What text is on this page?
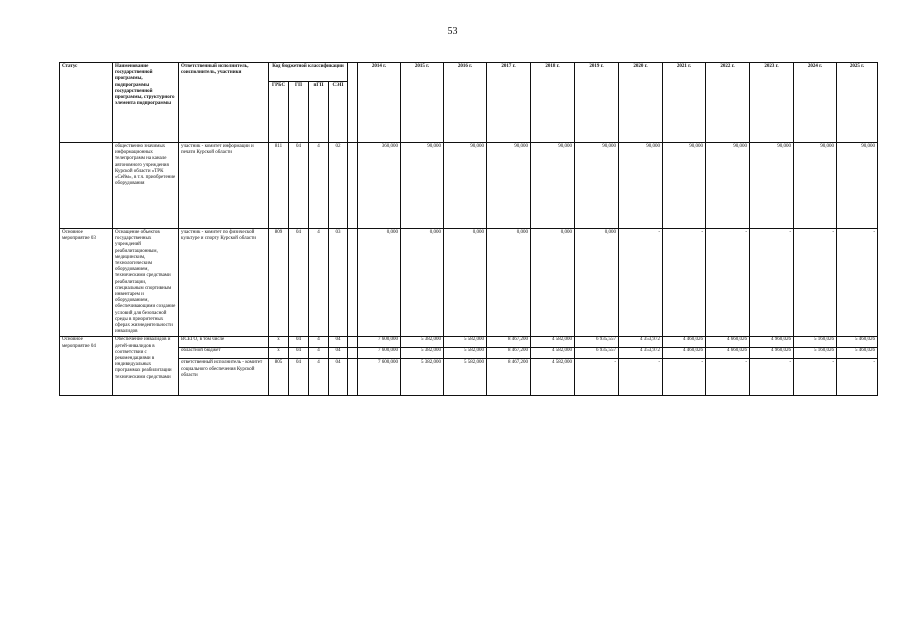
53
Статус	Наименование государственной программы, подпрограммы государственной программы, структурного элемента подпрограммы	Ответственный исполнитель, соисполнитель, участники	Код бюджетной классификации					2014 г.	2015 г.	2016 г.	2017 г.	2018 г.	2019 г.	2020 г.	2021 г.	2022 г.	2023 г.	2024 г.	2025 г.
			ГРБС	ГП	пГП	СЭП													
	общественно значимых информационных телепрограмм на канале автономного учреждения Курской области «ТРК «Сейм», в т.ч. приобретение оборудования	участник - комитет информации и печати Курской области	811	04	4	02		360,000	90,000	90,000	90,000	90,000	90,000	90,000	90,000	90,000	90,000	90,000	90,000
Основное мероприятие 03	Оснащение объектов государственных учреждений реабилитационным, медицинским, технологическим оборудованием, техническими средствами реабилитации, специальным спортивным инвентарем и оборудованием, обеспечивающими создание условий для безопасной среды в приоритетных сферах жизнедеятельности инвалидов	участник - комитет по физической культуре и спорту Курской области	809	04	4	03		0,000	0,000	0,000	0,000	0,000	0,000	-	-	-	-	-	-
Основное мероприятие 04	Обеспечение инвалидов и детей-инвалидов в соответствии с рекомендациями в индивидуальных программах реабилитации техническими средствами	ВСЕГО, в том числе	x	04	4	04		7 600,000	5 382,000	5 582,000	8 467,200	4 582,000	6 935,557	4 353,972	4 460,026	4 660,026	4 960,026	5 160,026	5 460,026
		областной бюджет	x	04	4	04		7 600,000	5 382,000	5 582,000	8 467,200	4 582,000	6 935,557	4 353,972	4 460,026	4 660,026	4 960,026	5 160,026	5 460,026
		ответственный исполнитель - комитет социального обеспечения Курской области	805	04	4	04		7 600,000	5 382,000	5 582,000	8 467,200	4 582,000	-	-	-	-	-	-	-
